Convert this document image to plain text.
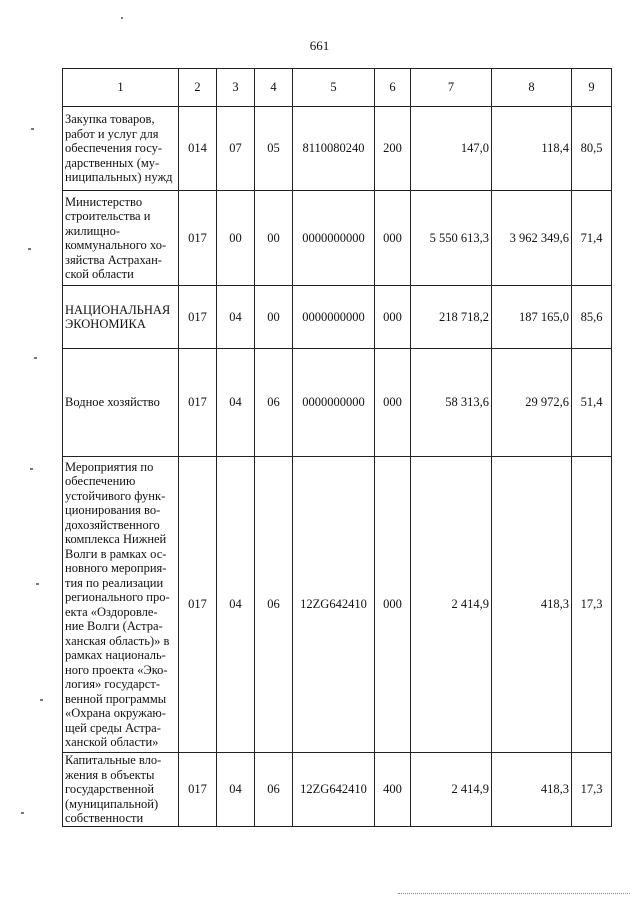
661
1	2	3	4	5	6	7	8	9
Закупка товаров, работ и услуг для обеспечения госу-дарственных (му-ниципальных) нужд	014	07	05	8110080240	200	147,0	118,4	80,5
Министерство строительства и жилищно-коммунального хо-зяйства Астрахан-ской области	017	00	00	0000000000	000	5 550 613,3	3 962 349,6	71,4
НАЦИОНАЛЬНАЯ ЭКОНОМИКА	017	04	00	0000000000	000	218 718,2	187 165,0	85,6
Водное хозяйство	017	04	06	0000000000	000	58 313,6	29 972,6	51,4
Мероприятия по обеспечению устойчивого функ-ционирования во-дохозяйственного комплекса Нижней Волги в рамках ос-новного мероприя-тия по реализации регионального про-екта «Оздоровле-ние Волги (Астра-ханская область)» в рамках националь-ного проекта «Эко-логия» государст-венной программы «Охрана окружаю-щей среды Астра-ханской области»	017	04	06	12ZG642410	000	2 414,9	418,3	17,3
Капитальные вло-жения в объекты государственной (муниципальной) собственности	017	04	06	12ZG642410	400	2 414,9	418,3	17,3
